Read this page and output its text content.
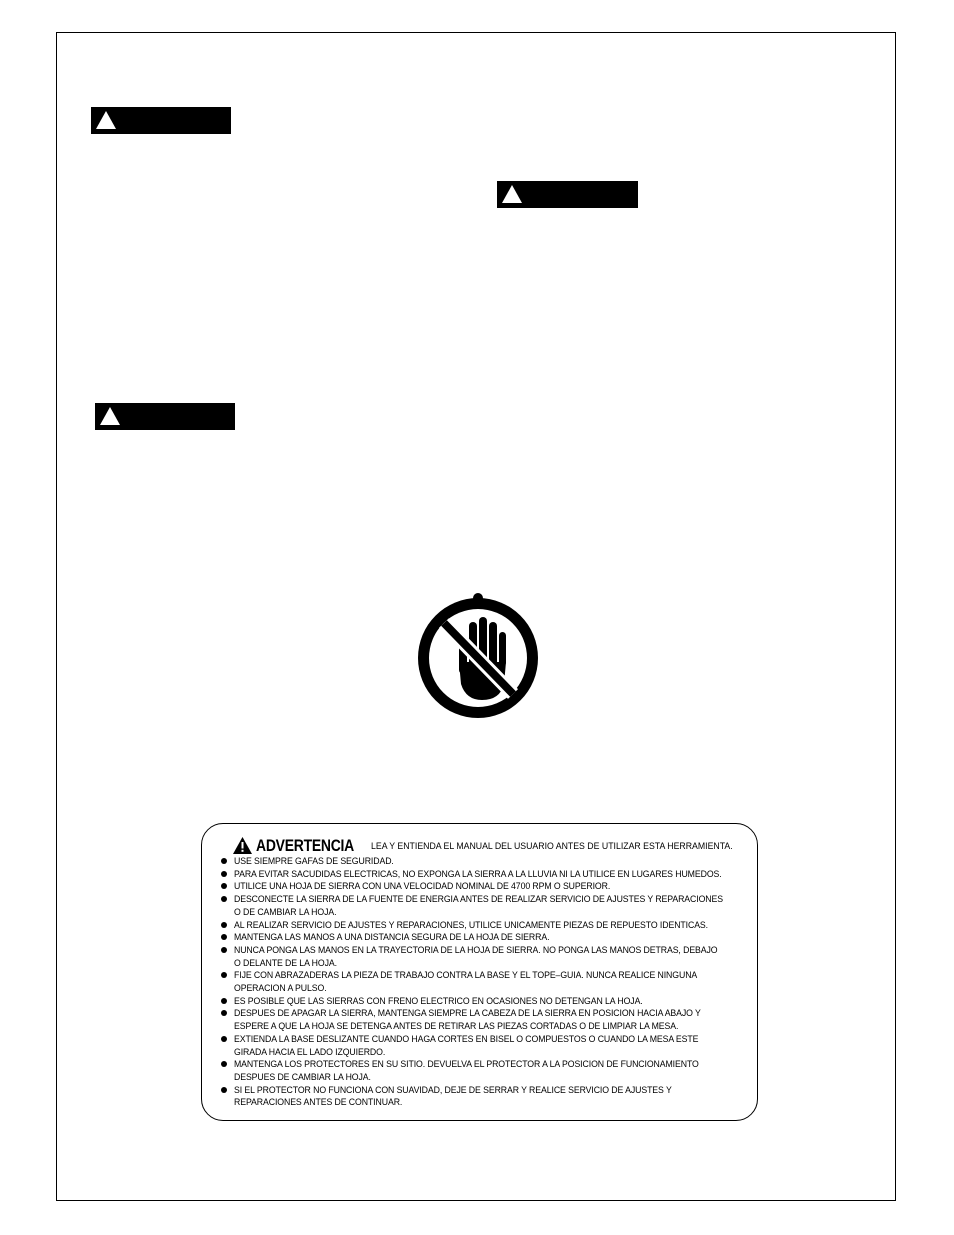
ADVERTENCIA LEA Y ENTIENDA EL MANUAL DEL USUARIO ANTES DE UTILIZAR ESTA HERRAMIENTA.
USE SIEMPRE GAFAS DE SEGURIDAD.
PARA EVITAR SACUDIDAS ELECTRICAS, NO EXPONGA LA SIERRA A LA LLUVIA NI LA UTILICE EN LUGARES HUMEDOS.
UTILICE UNA HOJA DE SIERRA CON UNA VELOCIDAD NOMINAL DE 4700 RPM O SUPERIOR.
DESCONECTE LA SIERRA DE LA FUENTE DE ENERGIA ANTES DE REALIZAR SERVICIO DE AJUSTES Y REPARACIONES
O DE CAMBIAR LA HOJA.
AL REALIZAR SERVICIO DE AJUSTES Y REPARACIONES, UTILICE UNICAMENTE PIEZAS DE REPUESTO IDENTICAS.
MANTENGA LAS MANOS A UNA DISTANCIA SEGURA DE LA HOJA DE SIERRA.
NUNCA PONGA LAS MANOS EN LA TRAYECTORIA DE LA HOJA DE SIERRA. NO PONGA LAS MANOS DETRAS, DEBAJO
O DELANTE DE LA HOJA.
FIJE CON ABRAZADERAS LA PIEZA DE TRABAJO CONTRA LA BASE Y EL TOPE–GUIA. NUNCA REALICE NINGUNA
OPERACION A PULSO.
ES POSIBLE QUE LAS SIERRAS CON FRENO ELECTRICO EN OCASIONES NO DETENGAN LA HOJA.
DESPUES DE APAGAR LA SIERRA, MANTENGA SIEMPRE LA CABEZA DE LA SIERRA EN POSICION HACIA ABAJO Y
ESPERE A QUE LA HOJA SE DETENGA ANTES DE RETIRAR LAS PIEZAS CORTADAS O DE LIMPIAR LA MESA.
EXTIENDA LA BASE DESLIZANTE CUANDO HAGA CORTES EN BISEL O COMPUESTOS O CUANDO LA MESA ESTE
GIRADA HACIA EL LADO IZQUIERDO.
MANTENGA LOS PROTECTORES EN SU SITIO. DEVUELVA EL PROTECTOR A LA POSICION DE FUNCIONAMIENTO
DESPUES DE CAMBIAR LA HOJA.
SI EL PROTECTOR NO FUNCIONA CON SUAVIDAD, DEJE DE SERRAR Y REALICE SERVICIO DE AJUSTES Y
REPARACIONES ANTES DE CONTINUAR.
